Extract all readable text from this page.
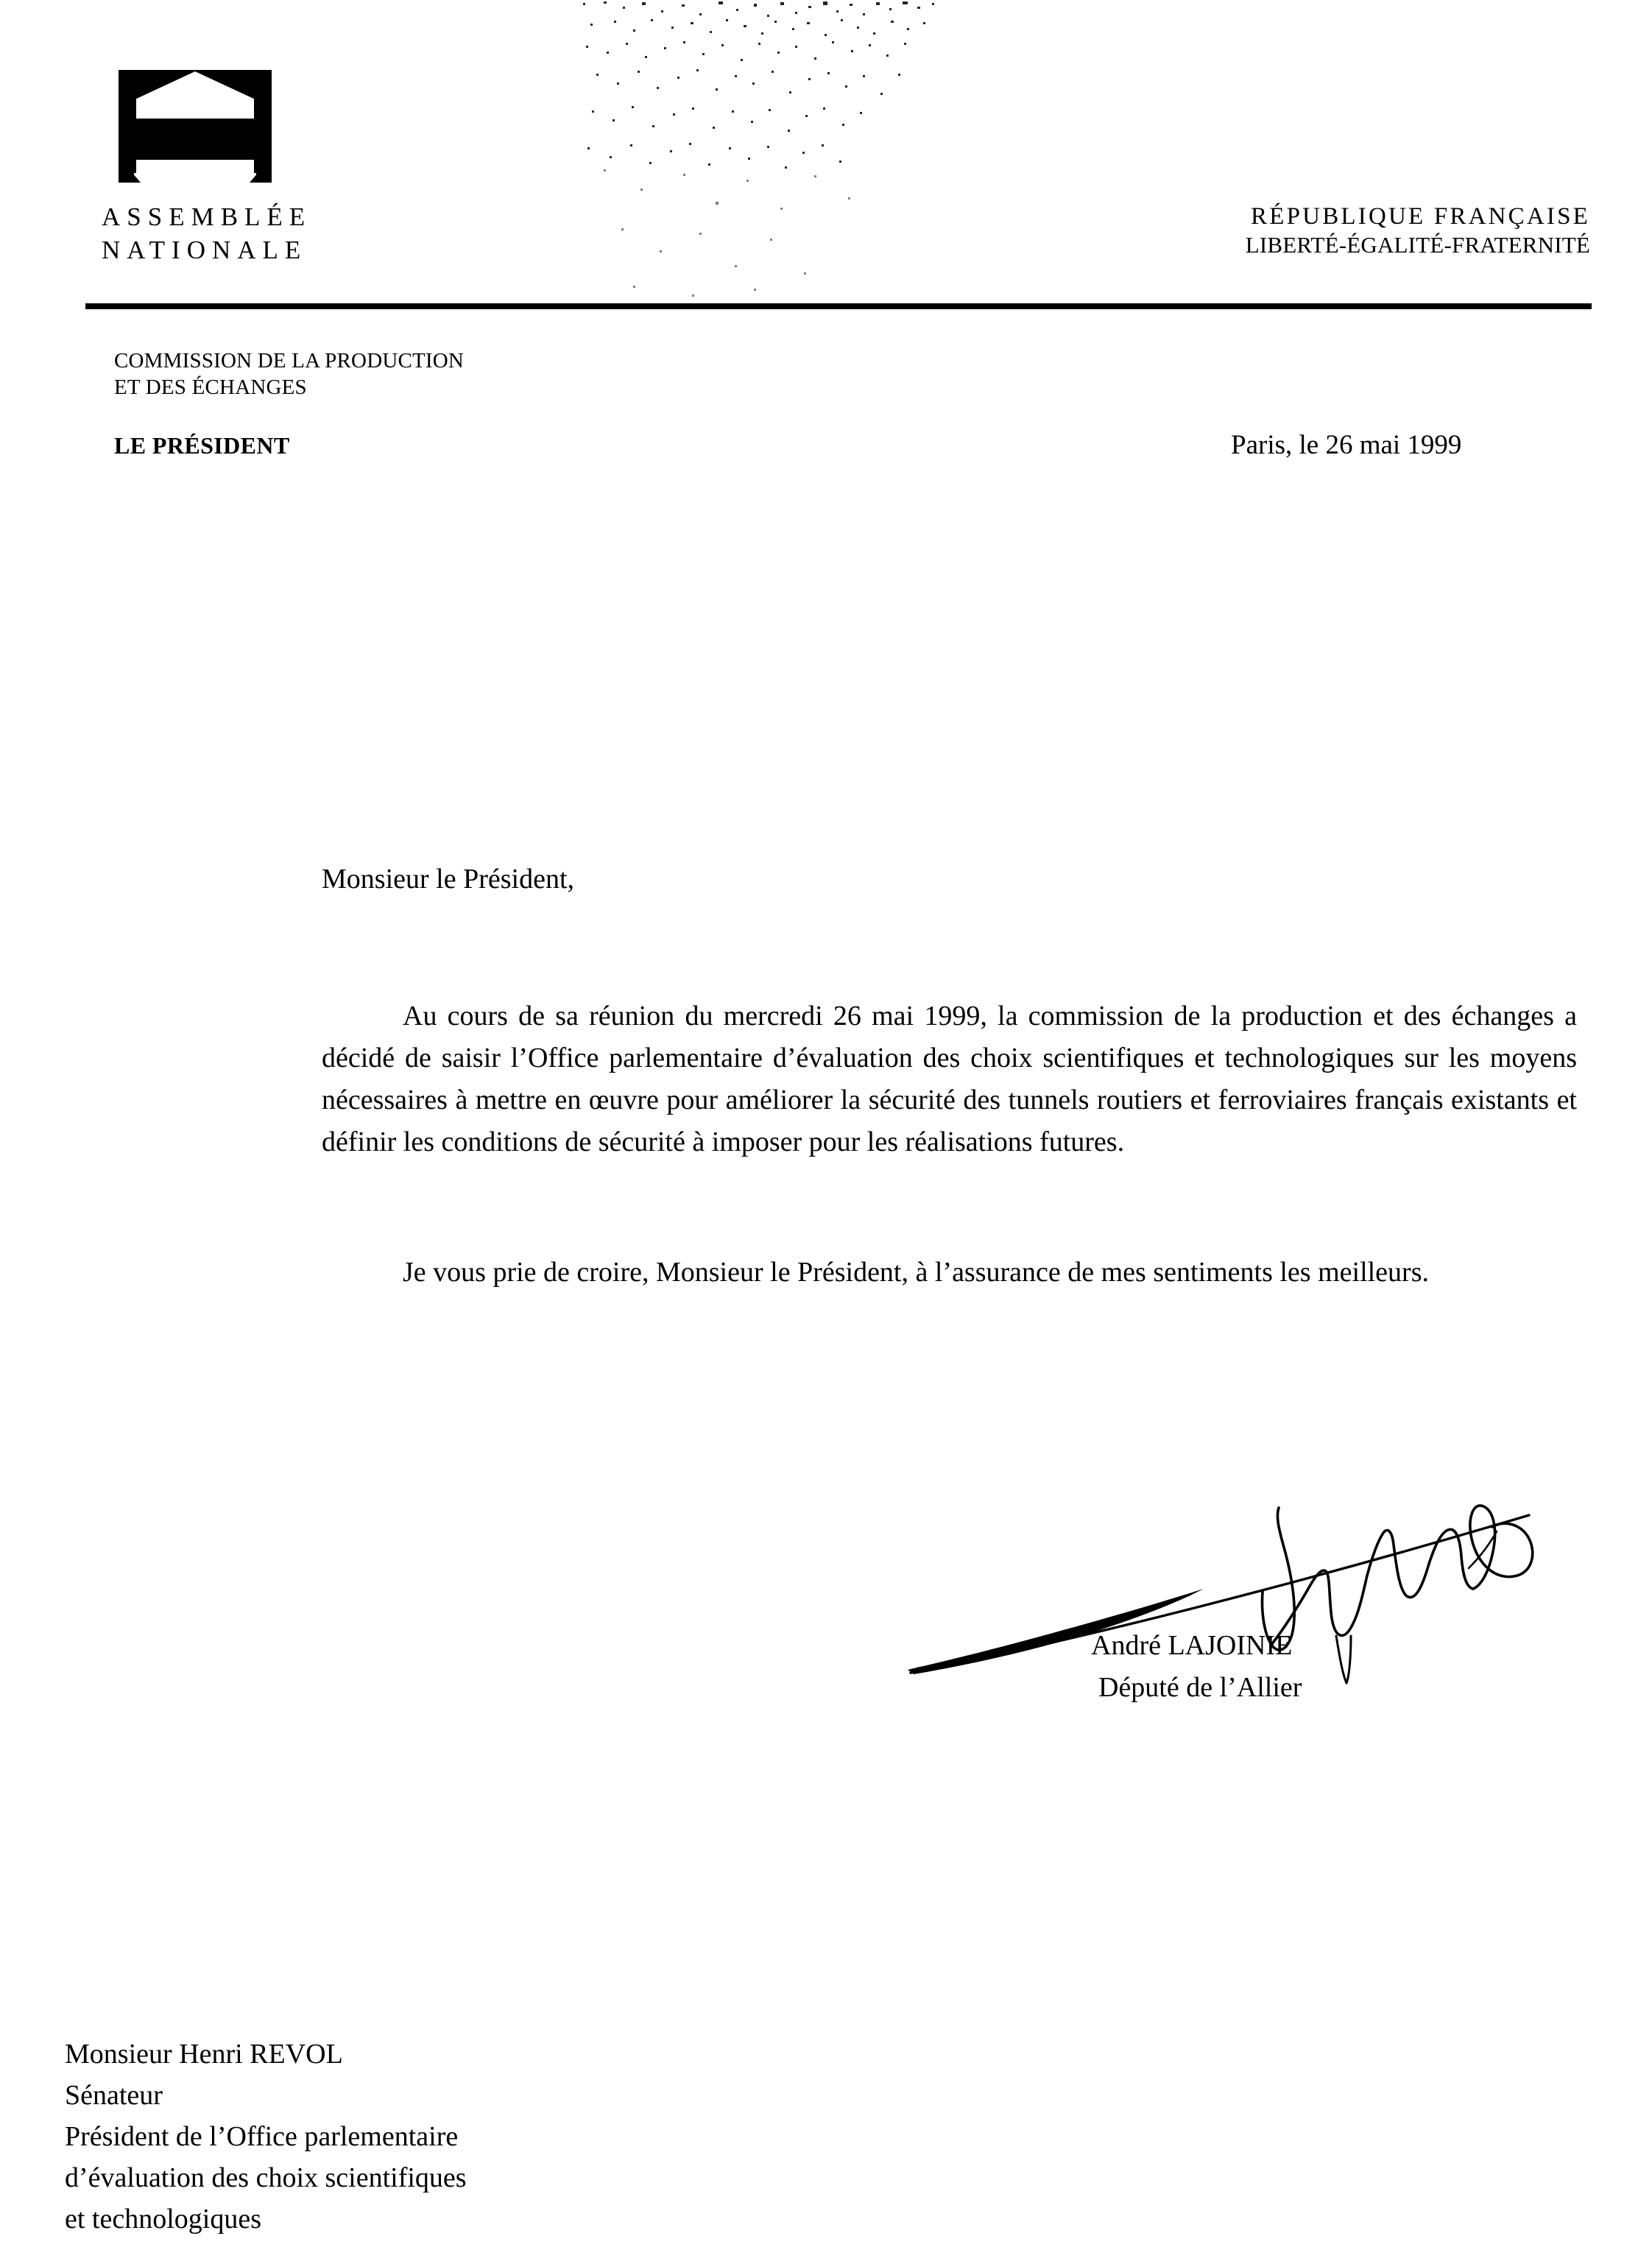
ASSEMBLÉE
NATIONALE
RÉPUBLIQUE FRANÇAISE
LIBERTÉ-ÉGALITÉ-FRATERNITÉ
COMMISSION DE LA PRODUCTION
ET DES ÉCHANGES
LE PRÉSIDENT	Paris, le 26 mai 1999
Monsieur le Président,
Au cours de sa réunion du mercredi 26 mai 1999, la commission de la production et des échanges a décidé de saisir l’Office parlementaire d’évaluation des choix scientifiques et technologiques sur les moyens nécessaires à mettre en œuvre pour améliorer la sécurité des tunnels routiers et ferroviaires français existants et définir les conditions de sécurité à imposer pour les réalisations futures.
Je vous prie de croire, Monsieur le Président, à l’assurance de mes sentiments les meilleurs.
André LAJOINIE
Député de l’Allier
Monsieur Henri REVOL
Sénateur
Président de l’Office parlementaire
d’évaluation des choix scientifiques
et technologiques
